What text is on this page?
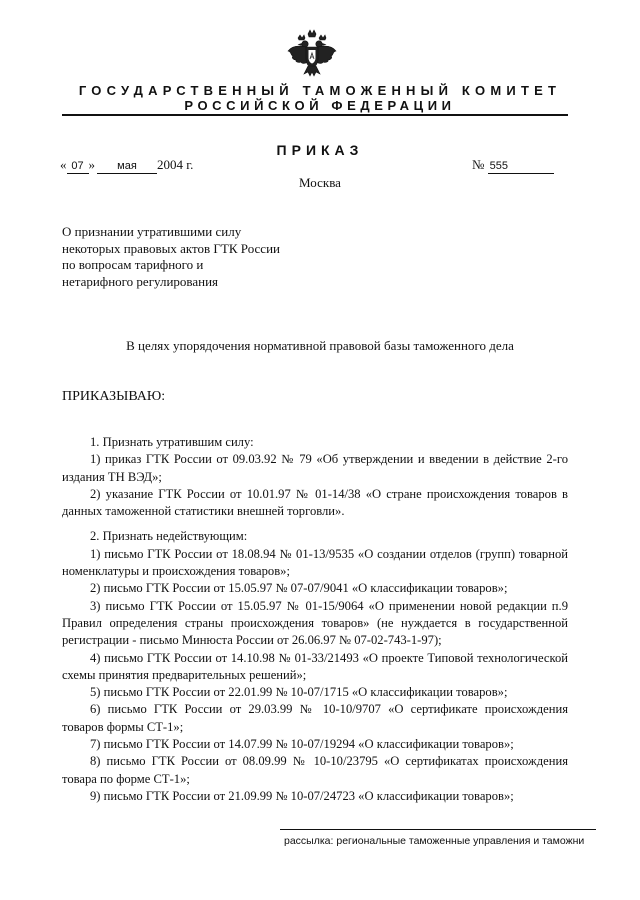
ГОСУДАРСТВЕННЫЙ ТАМОЖЕННЫЙ КОМИТЕТ
РОССИЙСКОЙ ФЕДЕРАЦИИ
ПРИКАЗ
« 07 » мая 2004 г.	№ 555
Москва
О признании утратившими силу
некоторых правовых актов ГТК России
по вопросам тарифного и
нетарифного регулирования
В целях упорядочения нормативной правовой базы таможенного дела
ПРИКАЗЫВАЮ:

1. Признать утратившим силу:

1) приказ ГТК России от 09.03.92 № 79 «Об утверждении и введении в действие 2-го издания ТН ВЭД»;

2) указание ГТК России от 10.01.97 № 01-14/38 «О стране происхождения товаров в данных таможенной статистики внешней торговли».

2. Признать недействующим:

1) письмо ГТК России от 18.08.94 № 01-13/9535 «О создании отделов (групп) товарной номенклатуры и происхождения товаров»;

2) письмо ГТК России от 15.05.97 № 07-07/9041 «О классификации товаров»;

3) письмо ГТК России от 15.05.97 № 01-15/9064 «О применении новой редакции п.9 Правил определения страны происхождения товаров» (не нуждается в государственной регистрации - письмо Минюста России от 26.06.97 № 07-02-743-1-97);

4) письмо ГТК России от 14.10.98 № 01-33/21493 «О проекте Типовой технологической схемы принятия предварительных решений»;

5) письмо ГТК России от 22.01.99 № 10-07/1715 «О классификации товаров»;

6) письмо ГТК России от 29.03.99 № 10-10/9707 «О сертификате происхождения товаров формы СТ-1»;

7) письмо ГТК России от 14.07.99 № 10-07/19294 «О классификации товаров»;

8) письмо ГТК России от 08.09.99 № 10-10/23795 «О сертификатах происхождения товара по форме СТ-1»;

9) письмо ГТК России от 21.09.99 № 10-07/24723 «О классификации товаров»;

рассылка: региональные таможенные управления и таможни
